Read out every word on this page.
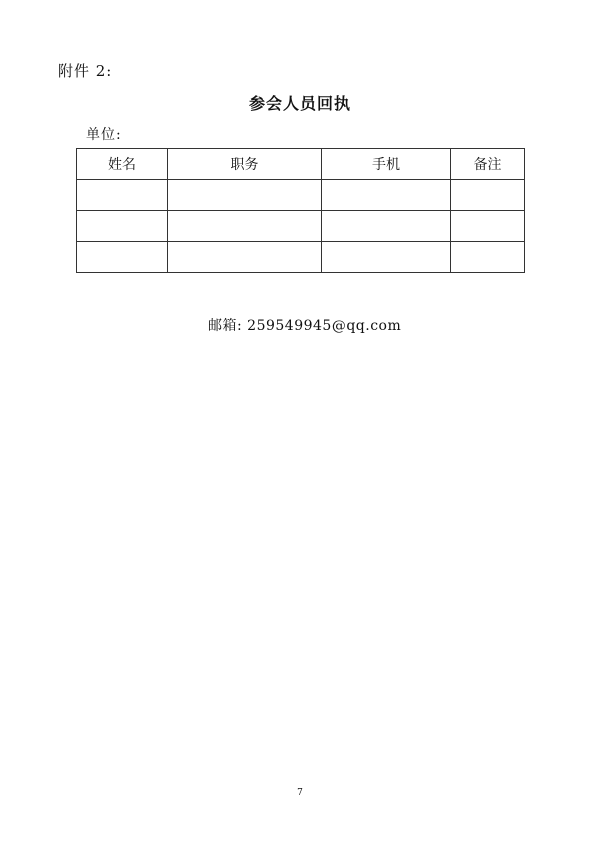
附件 2:
参会人员回执
单位:
姓名	职务	手机	备注

邮箱: 259549945@qq.com
7
